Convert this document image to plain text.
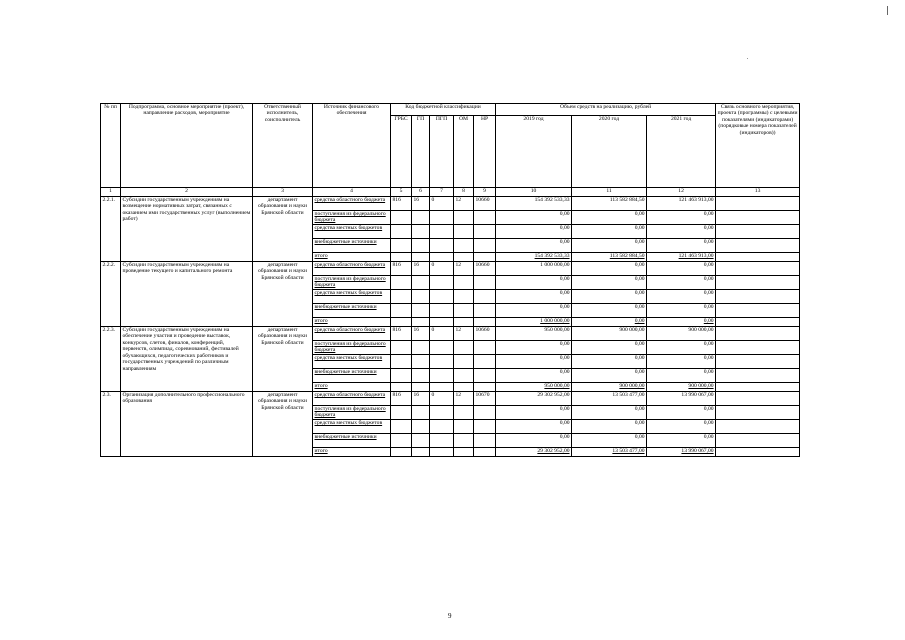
№ пп	Подпрограмма, основное мероприятие (проект), направление расходов, мероприятие	Ответственный исполнитель, соисполнитель	Источник финансового обеспечения	Код бюджетной классификации					Объем средств на реализацию, рублей			Связь основного мероприятия, проекта (программы) с целевыми показателями (индикаторами) (порядковые номера показателей (индикаторов))
				ГРБС	ГП	ПГП	ОМ	НР	2019 год	2020 год	2021 год	
1	2	3	4	5	6	7	8	9	10	11	12	13
2.2.1.	Субсидии государственным учреждениям на возмещение нормативных затрат, связанных с оказанием ими государственных услуг (выполнением работ)	департамент образования и науки Брянской области	средства областного бюджета	816	16	0	12	10660	154 392 533,33	113 582 884,50	121 463 913,00	
			поступления из федерального бюджета						0,00	0,00	0,00	
			средства местных бюджетов						0,00	0,00	0,00	
			внебюджетные источники						0,00	0,00	0,00	
			итого						154 392 533,33	113 582 884,50	121 463 913,00	
2.2.2.	Субсидии государственным учреждениям на проведение текущего и капитального ремонта	департамент образования и науки Брянской области	средства областного бюджета	816	16	0	12	10660	1 000 000,00	0,00	0,00	
			поступления из федерального бюджета						0,00	0,00	0,00	
			средства местных бюджетов						0,00	0,00	0,00	
			внебюджетные источники						0,00	0,00	0,00	
			итого						1 000 000,00	0,00	0,00	
2.2.3.	Субсидии государственным учреждениям на обеспечение участия и проведение выставок, конкурсов, слетов, финалов, конференций, первенств, олимпиад, соревнований, фестивалей обучающихся, педагогических работников и государственных учреждений по различным направлениям	департамент образования и науки Брянской области	средства областного бюджета	816	16	0	12	10660	950 000,00	900 000,00	900 000,00	
			поступления из федерального бюджета						0,00	0,00	0,00	
			средства местных бюджетов						0,00	0,00	0,00	
			внебюджетные источники						0,00	0,00	0,00	
			итого						950 000,00	900 000,00	900 000,00	
2.3.	Организация дополнительного профессионального образования	департамент образования и науки Брянской области	средства областного бюджета	816	16	0	12	10670	29 302 952,00	13 503 477,00	13 990 067,00	
			поступления из федерального бюджета						0,00	0,00	0,00	
			средства местных бюджетов						0,00	0,00	0,00	
			внебюджетные источники						0,00	0,00	0,00	
			итого						29 302 952,00	13 503 477,00	13 990 067,00	
9
